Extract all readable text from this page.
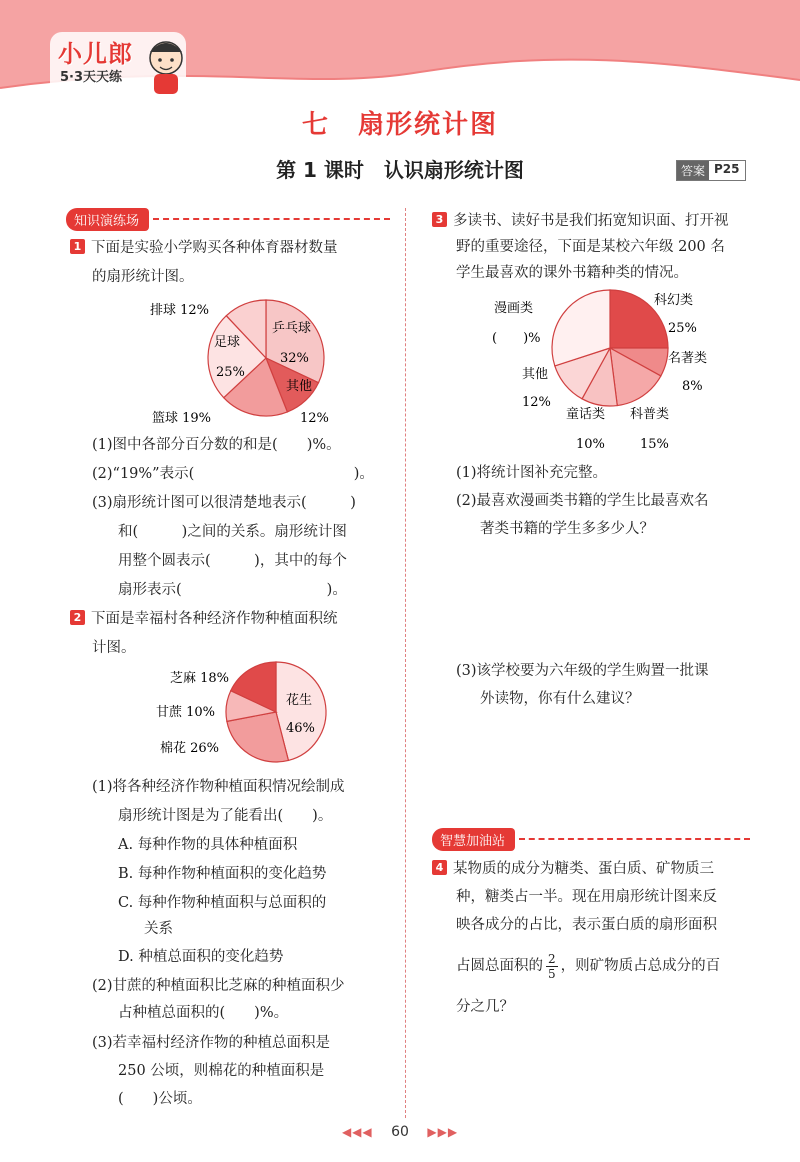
小儿郎
5·3天天练
七　扇形统计图
第 1 课时　认识扇形统计图	答案 P25
知识演练场
1 下面是实验小学购买各种体育器材数量
的扇形统计图。
排球 12%
乒乓球
32%
足球
25%
其他
12%
篮球 19%
(1)图中各部分百分数的和是(　　)%。
(2)“19%”表示(　　　　　　　　　　　)。
(3)扇形统计图可以很清楚地表示(　　　)
和(　　　)之间的关系。扇形统计图
用整个圆表示(　　　)，其中的每个
扇形表示(　　　　　　　　　　)。
2 下面是幸福村各种经济作物种植面积统
计图。
芝麻 18%
甘蔗 10%
棉花 26%
花生
46%
(1)将各种经济作物种植面积情况绘制成
扇形统计图是为了能看出(　　)。
A. 每种作物的具体种植面积
B. 每种作物种植面积的变化趋势
C. 每种作物种植面积与总面积的
关系
D. 种植总面积的变化趋势
(2)甘蔗的种植面积比芝麻的种植面积少
占种植总面积的(　　)%。
(3)若幸福村经济作物的种植总面积是
250 公顷，则棉花的种植面积是
(　　)公顷。
3 多读书、读好书是我们拓宽知识面、打开视
野的重要途径，下面是某校六年级 200 名
学生最喜欢的课外书籍种类的情况。
漫画类
(　　)%
科幻类
25%
名著类
8%
其他
12%
童话类
10%
科普类
15%
(1)将统计图补充完整。
(2)最喜欢漫画类书籍的学生比最喜欢名
著类书籍的学生多多少人？
(3)该学校要为六年级的学生购置一批课
外读物，你有什么建议？
智慧加油站
4 某物质的成分为糖类、蛋白质、矿物质三
种，糖类占一半。现在用扇形统计图来反
映各成分的占比，表示蛋白质的扇形面积
占圆总面积的 $\frac{2}{5}$ ，则矿物质占总成分的百
分之几？
◀◀◀ 60 ▶▶▶
